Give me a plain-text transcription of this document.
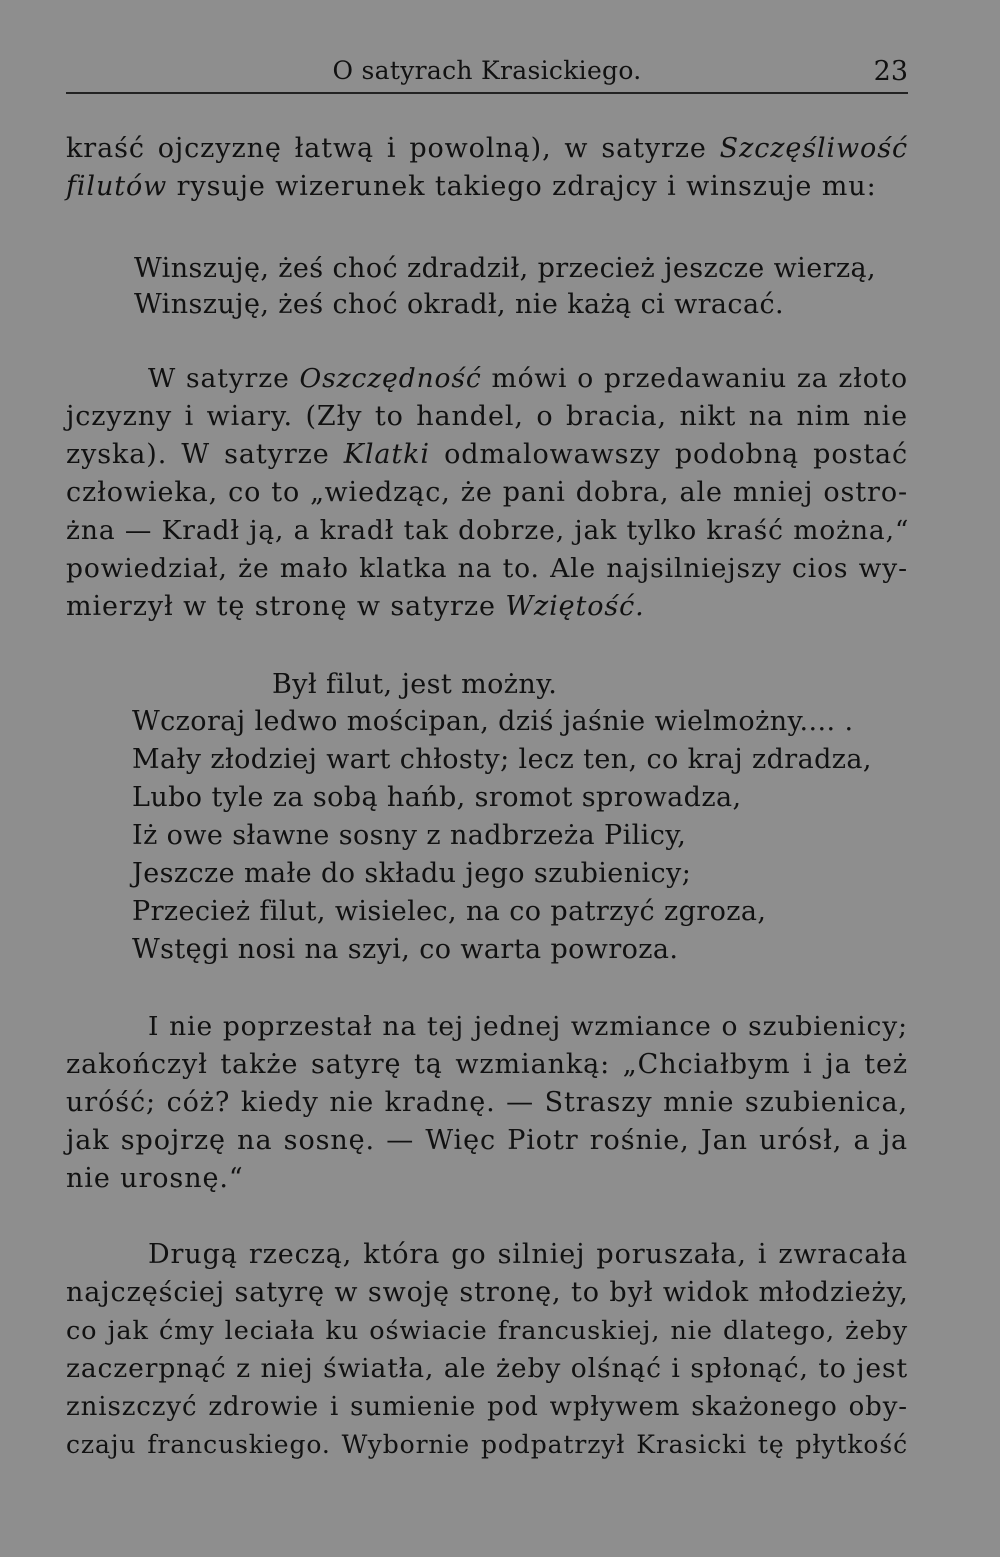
O satyrach Krasickiego.	23
kraść ojczyznę łatwą i powolną), w satyrze Szczęśliwość
filutów rysuje wizerunek takiego zdrajcy i winszuje mu:
Winszuję, żeś choć zdradził, przecież jeszcze wierzą,
Winszuję, żeś choć okradł, nie każą ci wracać.
W satyrze Oszczędność mówi o przedawaniu za złoto
jczyzny i wiary. (Zły to handel, o bracia, nikt na nim nie
zyska). W satyrze Klatki odmalowawszy podobną postać
człowieka, co to „wiedząc, że pani dobra, ale mniej ostro-
żna — Kradł ją, a kradł tak dobrze, jak tylko kraść można,“
powiedział, że mało klatka na to. Ale najsilniejszy cios wy-
mierzył w tę stronę w satyrze Wziętość.
Był filut, jest możny.
Wczoraj ledwo mościpan, dziś jaśnie wielmożny.... .
Mały złodziej wart chłosty; lecz ten, co kraj zdradza,
Lubo tyle za sobą hańb, sromot sprowadza,
Iż owe sławne sosny z nadbrzeża Pilicy,
Jeszcze małe do składu jego szubienicy;
Przecież filut, wisielec, na co patrzyć zgroza,
Wstęgi nosi na szyi, co warta powroza.
I nie poprzestał na tej jednej wzmiance o szubienicy;
zakończył także satyrę tą wzmianką: „Chciałbym i ja też
uróść; cóż? kiedy nie kradnę. — Straszy mnie szubienica,
jak spojrzę na sosnę. — Więc Piotr rośnie, Jan urósł, a ja
nie urosnę.“
Drugą rzeczą, która go silniej poruszała, i zwracała
najczęściej satyrę w swoję stronę, to był widok młodzieży,
co jak ćmy leciała ku oświacie francuskiej, nie dlatego, żeby
zaczerpnąć z niej światła, ale żeby olśnąć i spłonąć, to jest
zniszczyć zdrowie i sumienie pod wpływem skażonego oby-
czaju francuskiego. Wybornie podpatrzył Krasicki tę płytkość
